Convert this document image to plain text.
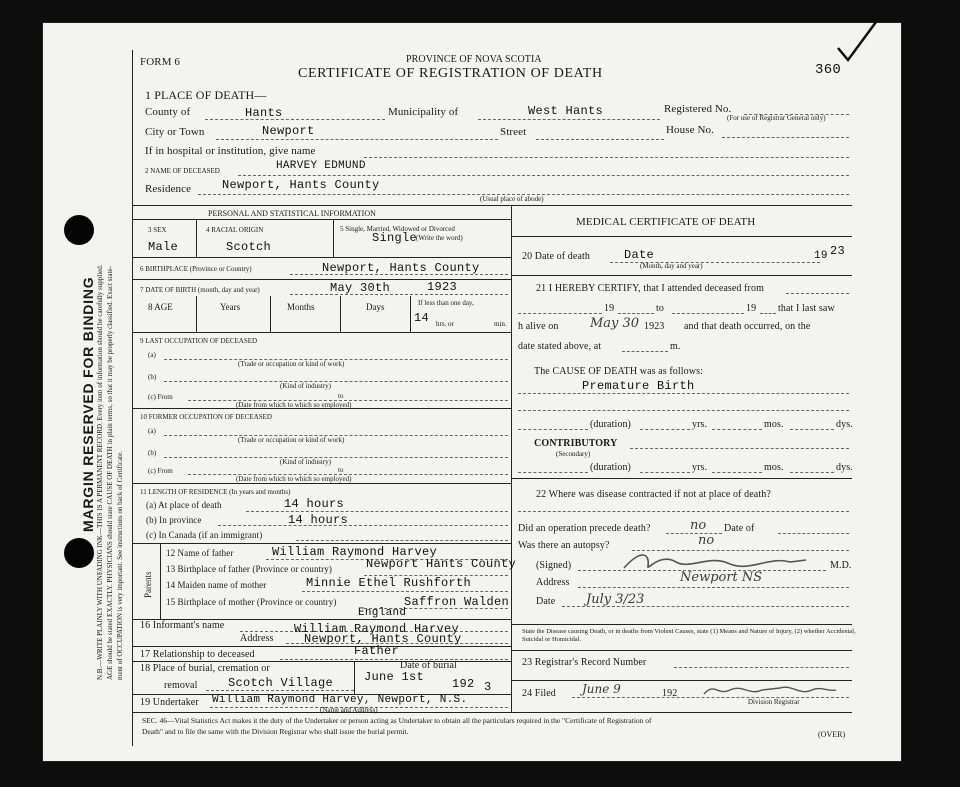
MARGIN RESERVED FOR BINDING N.B.—WRITE PLAINLY WITH UNFADING INK—THIS IS A PERMANENT RECORD. Every item of information should be carefully supplied. AGE should be stated EXACTLY. PHYSICIANS should state CAUSE OF DEATH in plain terms, so that it may be properly classified. Exact state- ment of OCCUPATION is very important. See instructions on back of Certificate.
FORM 6	PROVINCE OF NOVA SCOTIA
CERTIFICATE OF REGISTRATION OF DEATH	360
1 PLACE OF DEATH—
County of	Hants	Municipality of	West Hants	Registered No.
(For use of Registrar General only)
City or Town	Newport	Street	House No.
If in hospital or institution, give name
2 NAME OF DECEASED	HARVEY EDMUND
Residence	Newport, Hants County
(Usual place of abode)
PERSONAL AND STATISTICAL INFORMATION
3 SEX
Male
4 RACIAL ORIGIN
Scotch
5 Single, Married, Widowed or Divorced
(Write the word)
Single
6 BIRTHPLACE (Province or Country)	Newport, Hants County
7 DATE OF BIRTH (month, day and year)	May 30th	1923
8 AGE	Years	Months	Days	If less than one day,
14 hrs. or	min.
9 LAST OCCUPATION OF DECEASED
(a)
(Trade or occupation or kind of work)
(b)
(Kind of industry)
(c) From	to
(Date from which to which so employed)
10 FORMER OCCUPATION OF DECEASED
(a)
(Trade or occupation or kind of work)
(b)
(Kind of industry)
(c) From	to
(Date from which to which so employed)
11 LENGTH OF RESIDENCE (In years and months)
(a) At place of death	14 hours
(b) In province	14 hours
(c) In Canada (if an immigrant)
Parents
12 Name of father	William Raymond Harvey
13 Birthplace of father (Province or country)	Newport Hants County
14 Maiden name of mother	Minnie Ethel Rushforth
15 Birthplace of mother (Province or country)	Saffron Walden
England
16 Informant's name	William Raymond Harvey
Address	Newport, Hants County
17 Relationship to deceased	Father
18 Place of burial, cremation or
removal	Scotch Village
Date of burial
June 1st 192 3
19 Undertaker William Raymond Harvey, Newport, N.S.
(Name and Address)
MEDICAL CERTIFICATE OF DEATH
20 Date of death	Date	19 23
(Month, day and year)
21 I HEREBY CERTIFY, that I attended deceased from
19	to	19 that I last saw
h alive on May 30 1923 and that death occurred, on the
date stated above, at	m.
The CAUSE OF DEATH was as follows:
Premature Birth
(duration)	yrs.	mos.	dys.
CONTRIBUTORY
(Secondary)
(duration)	yrs.	mos.	dys.
22 Where was disease contracted if not at place of death?
Did an operation precede death?	no Date of
Was there an autopsy?	no
(Signed)	M.D.
Address	Newport NS
Date July 3/23
State the Disease causing Death, or in deaths from Violent Causes, state (1) Means and Nature of Injury, (2) whether Accidental, Suicidal or Homicidal.
23 Registrar's Record Number
24 Filed June 9	192
Division Registrar
SEC. 46—Vital Statistics Act makes it the duty of the Undertaker or person acting as Undertaker to obtain all the particulars required in the "Certificate of Registration of
Death" and to file the same with the Division Registrar who shall issue the burial permit.	(OVER)
